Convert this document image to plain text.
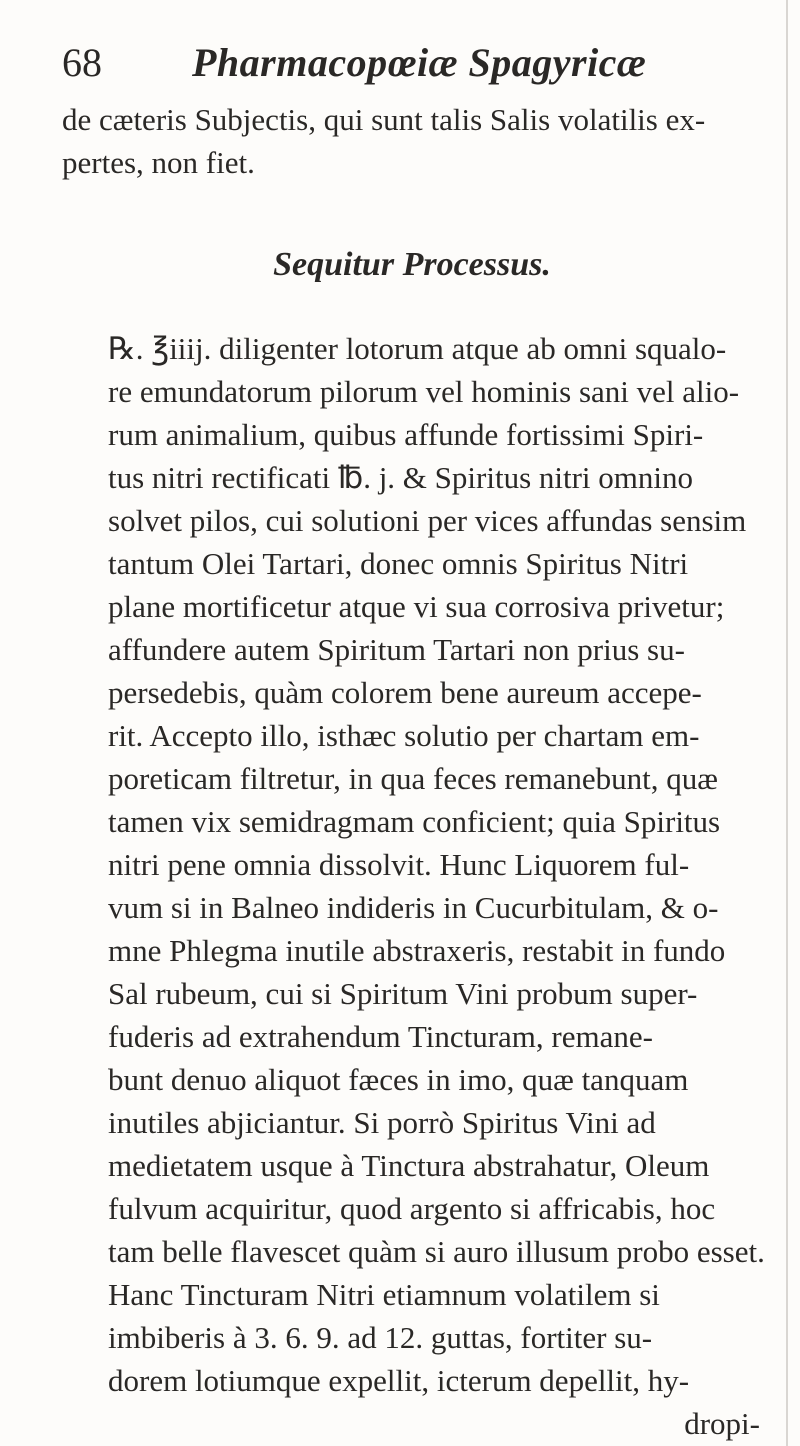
68 Pharmacopœiæ Spagyricæ
de cæteris Subjectis, qui sunt talis Salis volatilis ex-
pertes, non fiet.
Sequitur Processus.
℞. ℥iiij. diligenter lotorum atque ab omni squalo-
re emundatorum pilorum vel hominis sani vel alio-
rum animalium, quibus affunde fortissimi Spiri-
tus nitri rectificati ℔. j. & Spiritus nitri omnino
solvet pilos, cui solutioni per vices affundas sensim
tantum Olei Tartari, donec omnis Spiritus Nitri
plane mortificetur atque vi sua corrosiva privetur;
affundere autem Spiritum Tartari non prius su-
persedebis, quàm colorem bene aureum accepe-
rit. Accepto illo, isthæc solutio per chartam em-
poreticam filtretur, in qua feces remanebunt, quæ
tamen vix semidragmam conficient; quia Spiritus
nitri pene omnia dissolvit. Hunc Liquorem ful-
vum si in Balneo indideris in Cucurbitulam, & o-
mne Phlegma inutile abstraxeris, restabit in fundo
Sal rubeum, cui si Spiritum Vini probum super-
fuderis ad extrahendum Tincturam, remane-
bunt denuo aliquot fæces in imo, quæ tanquam
inutiles abjiciantur. Si porrò Spiritus Vini ad
medietatem usque à Tinctura abstrahatur, Oleum
fulvum acquiritur, quod argento si affricabis, hoc
tam belle flavescet quàm si auro illusum probo esset.
Hanc Tincturam Nitri etiamnum volatilem si
imbiberis à 3. 6. 9. ad 12. guttas, fortiter su-
dorem lotiumque expellit, icterum depellit, hy-
dropi-
